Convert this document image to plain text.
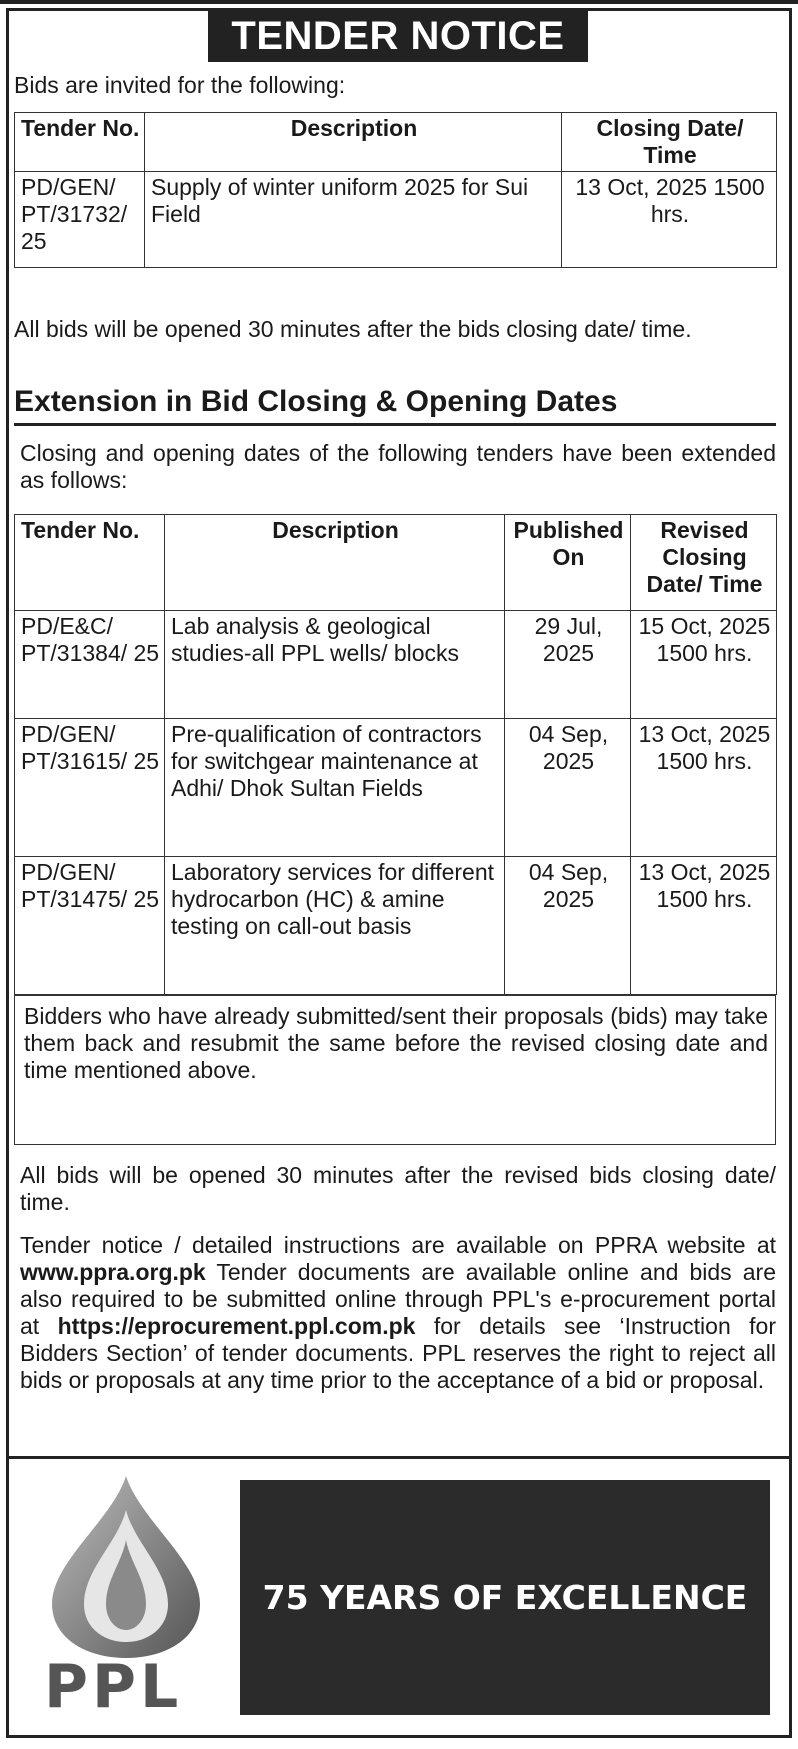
TENDER NOTICE
Bids are invited for the following:
Tender No.	Description	Closing Date/ Time
PD/GEN/ PT/31732/ 25	Supply of winter uniform 2025 for Sui Field	13 Oct, 2025 1500 hrs.
All bids will be opened 30 minutes after the bids closing date/ time.
Extension in Bid Closing & Opening Dates
Closing and opening dates of the following tenders have been extended as follows:
Tender No.	Description	Published On	Revised Closing Date/ Time
PD/E&C/ PT/31384/ 25	Lab analysis & geological studies-all PPL wells/ blocks	29 Jul, 2025	15 Oct, 2025 1500 hrs.
PD/GEN/ PT/31615/ 25	Pre-qualification of contractors for switchgear maintenance at Adhi/ Dhok Sultan Fields	04 Sep, 2025	13 Oct, 2025 1500 hrs.
PD/GEN/ PT/31475/ 25	Laboratory services for different hydrocarbon (HC) & amine testing on call-out basis	04 Sep, 2025	13 Oct, 2025 1500 hrs.
Bidders who have already submitted/sent their proposals (bids) may take them back and resubmit the same before the revised closing date and time mentioned above.
All bids will be opened 30 minutes after the revised bids closing date/ time.
Tender notice / detailed instructions are available on PPRA website at www.ppra.org.pk Tender documents are available online and bids are also required to be submitted online through PPL's e-procurement portal at https://eprocurement.ppl.com.pk for details see ‘Instruction for Bidders Section’ of tender documents. PPL reserves the right to reject all bids or proposals at any time prior to the acceptance of a bid or proposal.
PPL
75 YEARS OF EXCELLENCE
